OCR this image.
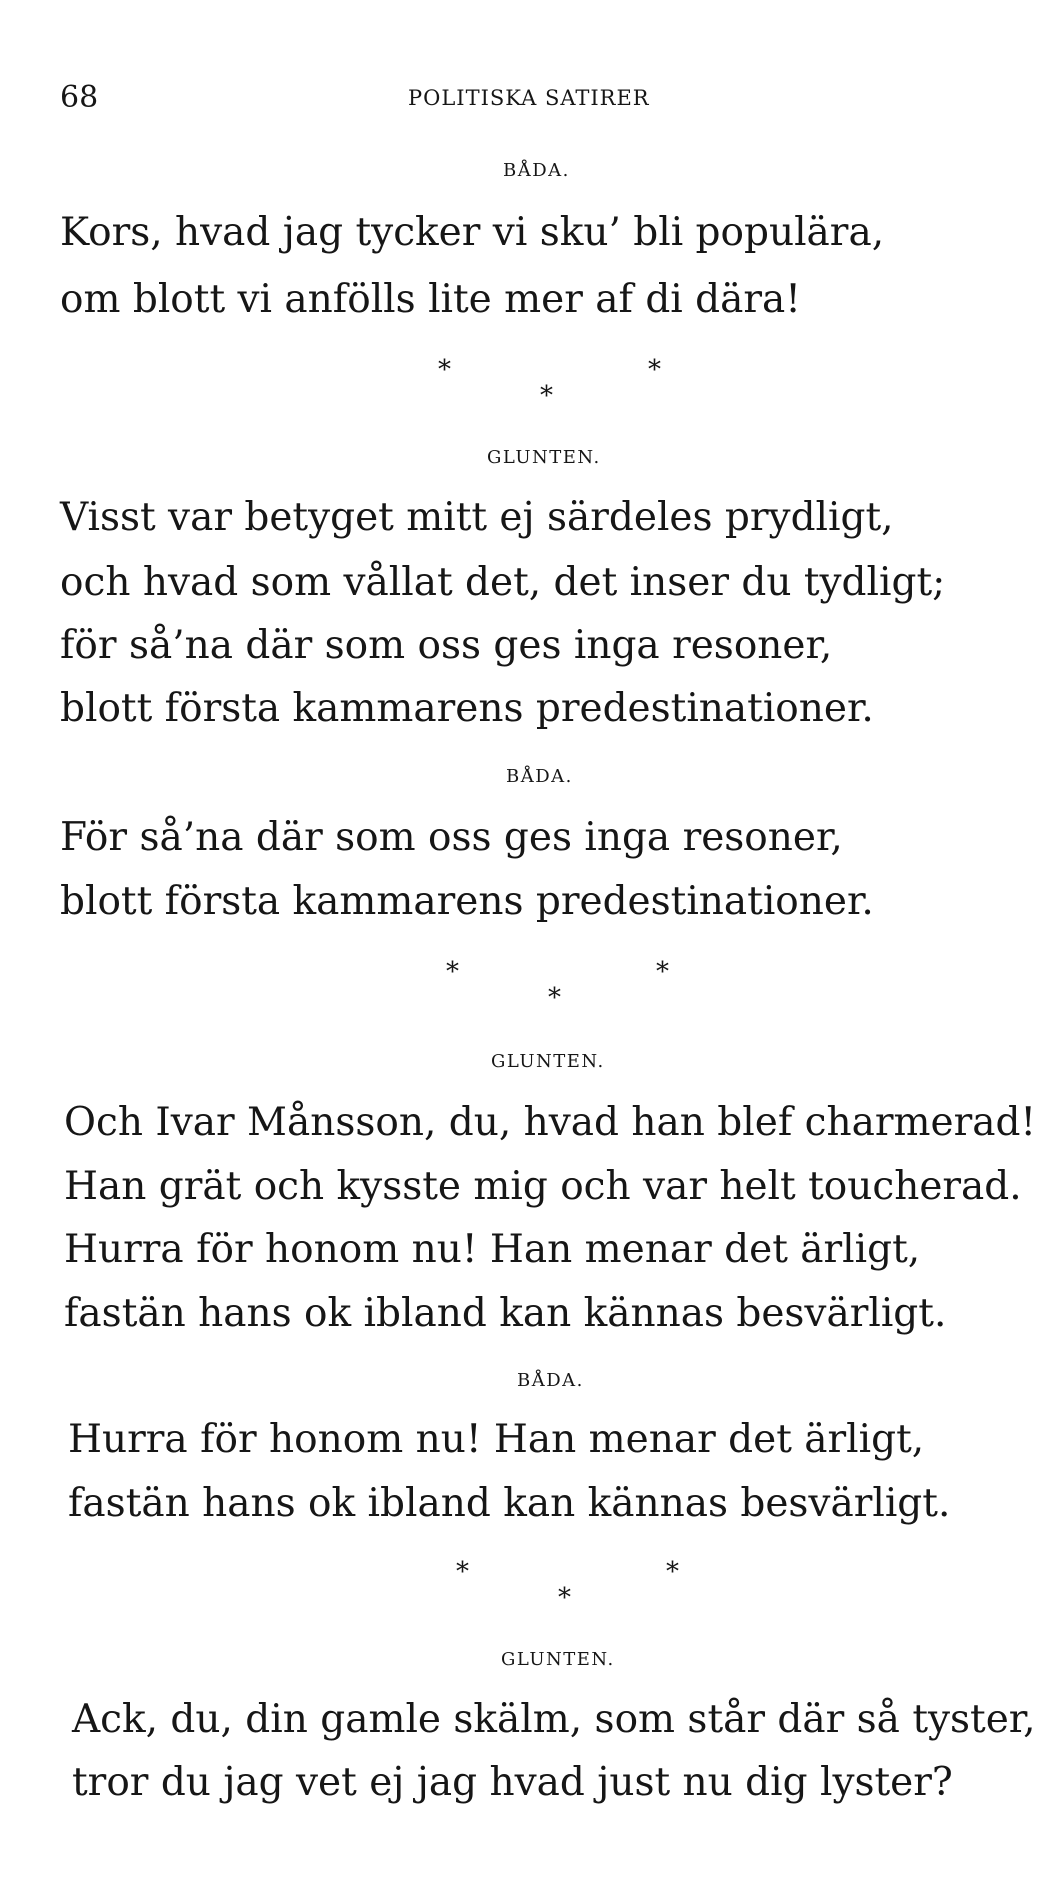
68	POLITISKA SATIRER
BÅDA.
Kors, hvad jag tycker vi sku’ bli populära,
om blott vi anfölls lite mer af di dära!
*
*
*
GLUNTEN.
Visst var betyget mitt ej särdeles prydligt,
och hvad som vållat det, det inser du tydligt;
för så’na där som oss ges inga resoner,
blott första kammarens predestinationer.
BÅDA.
För så’na där som oss ges inga resoner,
blott första kammarens predestinationer.
*
*
*
GLUNTEN.
Och Ivar Månsson, du, hvad han blef charmerad!
Han grät och kysste mig och var helt toucherad.
Hurra för honom nu! Han menar det ärligt,
fastän hans ok ibland kan kännas besvärligt.
BÅDA.
Hurra för honom nu! Han menar det ärligt,
fastän hans ok ibland kan kännas besvärligt.
*
*
*
GLUNTEN.
Ack, du, din gamle skälm, som står där så tyster,
tror du jag vet ej jag hvad just nu dig lyster?
